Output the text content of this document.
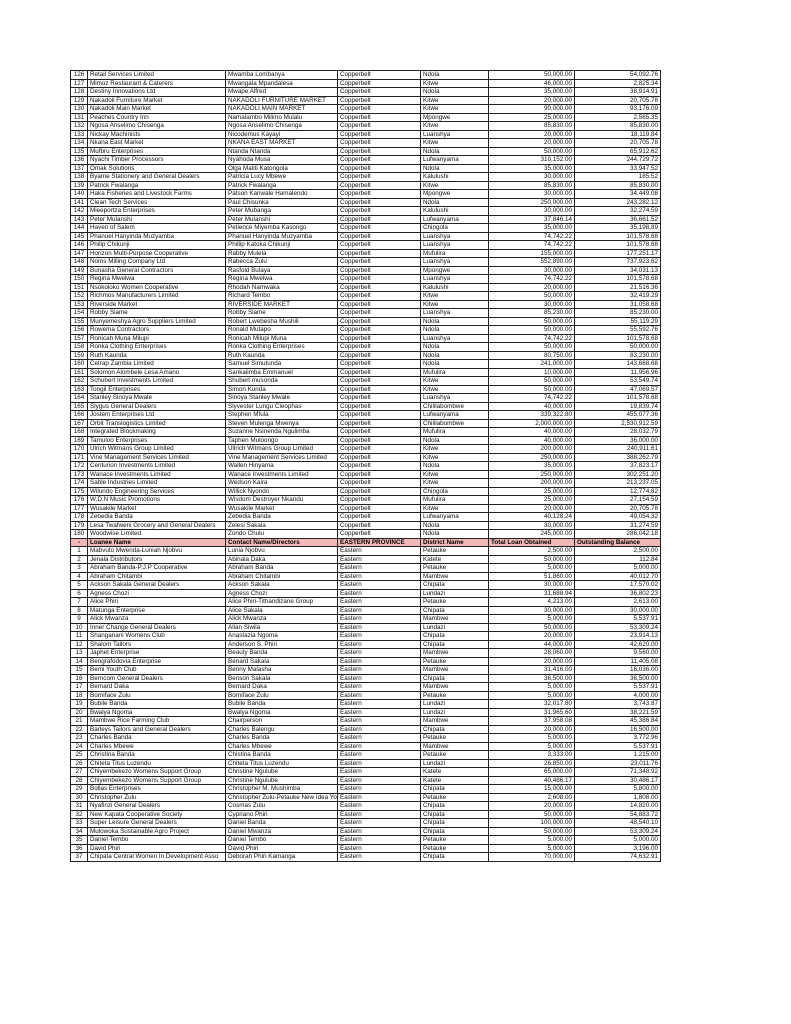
126	Retail Services Limited	Mwamba Lombanya	Copperbelt	Ndola	50,000.00	54,092.76
127	Mimoz Restaurant & Caterers	Mwangala Mpandalesa	Copperbelt	Kitwe	46,000.00	2,825.34
128	Destiny Innovations Ltd	Mwape Alfred	Copperbelt	Ndola	35,000.00	38,914.91
129	Nakadoli Furniture Market	NAKADOLI FURNITURE MARKET	Copperbelt	Kitwe	20,000.00	20,705.78
130	Nakadoli Main Market	NAKADOLI MAIN MARKET	Copperbelt	Kitwe	90,000.00	93,176.09
131	Peaches Country Inn	Namalambo Milimo Mulalu	Copperbelt	Mpongwe	25,000.00	2,565.35
132	Ngosa Anselimo Chisenga	Ngosa Anselimo Chisenga	Copperbelt	Kitwe	85,830.00	85,830.00
133	Nickay Machinists	Nicodemus Kayayi	Copperbelt	Luanshya	20,000.00	18,119.84
134	Nkana East Market	NKANA EAST MARKET	Copperbelt	Kitwe	20,000.00	20,705.78
135	Mufbru Enterprises	Ntanda Ntanda	Copperbelt	Ndola	50,000.00	65,912.62
136	Nyachi Timber Processors	Nyahoda Musa	Copperbelt	Lufwanyama	310,152.00	244,729.72
137	Omak Solutions	Olga Maliti Katongola	Copperbelt	Ndola	35,000.00	33,947.52
138	Byame Stationery and General Dealers	Patricia Lucy Mbewe	Copperbelt	Kalulushi	30,000.00	185.52
139	Patrick Fwalanga	Patrick Fwalanga	Copperbelt	Kitwe	85,830.00	85,830.00
140	Haka Fisheries and Livestock Farms	Patson Kanwale Hamalendo	Copperbelt	Mpongwe	30,000.00	34,449.08
141	Clean Tech Services	Paul Chisunka	Copperbelt	Ndola	250,000.00	243,282.12
142	Mieeportza Enterprises	Peter Mubanga	Copperbelt	Kalulushi	30,000.00	32,274.59
143	Peter Mulanshi	Peter Mulanshi	Copperbelt	Lufwanyama	37,846.14	36,661.52
144	Haven of Salem	Petience Miyemba Kasongo	Copperbelt	Chingola	35,000.00	35,198.89
145	Phanuel Hanyinda Muzyamba	Phanuel Hanyinda Muzyamba	Copperbelt	Luanshya	74,742.22	101,578.68
146	Philip Chikunji	Phillip Katoka Chikunji	Copperbelt	Luanshya	74,742.22	101,578.68
147	Horizon Multi-Purpose Cooperative	Rabby Mulela	Copperbelt	Mufulira	155,000.00	177,251.17
148	Noms Milling Company Ltd	Rabecca Zulu	Copperbelt	Luanshya	552,890.00	737,923.62
149	Bunasha General Contractors	Rasfold Bulaya	Copperbelt	Mpongwe	30,000.00	34,031.13
150	Regina Mwelwa	Regina Mwelwa	Copperbelt	Luanshya	74,742.22	101,578.68
151	Nsokoloko Women Cooperative	Rhodah Namwaka	Copperbelt	Kalulushi	20,000.00	21,516.36
152	Richmos Manufacturers Limited	Richard Tembo	Copperbelt	Kitwe	50,000.00	32,419.29
153	Riverside Market	RIVERSIDE MARKET	Copperbelt	Kitwe	30,000.00	31,058.68
154	Robby Siame	Robby Siame	Copperbelt	Luanshya	85,230.00	85,230.00
155	Munyemeshya Agro Suppliers Limited	Robert Lwebesha Mushili	Copperbelt	Ndola	50,000.00	55,119.29
156	Rowema Contractors	Ronald Mutapo	Copperbelt	Ndola	50,000.00	55,592.76
157	Ronicah Muna Milupi	Ronicah Milupi Muna	Copperbelt	Luanshya	74,742.22	101,578.68
158	Ronka Clothing Enterprises	Ronka Clothing Enterprises	Copperbelt	Ndola	50,000.00	50,000.00
159	Ruth Kaunda	Ruth Kaunda	Copperbelt	Ndola	80,750.00	83,230.00
160	Cetrap Zambia Limited	Samuel Simutunda	Copperbelt	Ndola	241,000.00	143,668.68
161	Solomon Alombele Lesa Amano	Sankalimba Emmanuel	Copperbelt	Mufulira	10,000.00	11,956.96
162	Schubert Investments Limited	Shubert musonda	Copperbelt	Kitwe	50,000.00	53,549.74
163	Tongil Enterprises	Simon Kunda	Copperbelt	Kitwe	50,000.00	47,069.57
164	Stanley Sinoya Mwale	Sinoya Stanley Mwale	Copperbelt	Luanshya	74,742.22	101,578.68
165	Slygus General Dealers	Slyvester Lungu Cleophas	Copperbelt	Chililabombwe	40,000.00	19,839.74
166	Jostem Enterprises Ltd	Stephen Mfula	Copperbelt	Lufwanyama	339,322.80	455,077.36
167	Orbit Translogistics Limited	Steven Mulenga Mwenya	Copperbelt	Chililabombwe	2,000,000.00	2,530,912.59
168	Integrated Blockmaking	Suzanne Nsinenda Ngulimba	Copperbelt	Mufulira	40,000.00	28,032.79
169	Tamuloo Enterprises	Taphen Muloongo	Copperbelt	Ndola	40,000.00	36,000.00
170	Ulrich Witmans Group Limited	Ullrich Witmans Group Limited	Copperbelt	Kitwe	200,000.00	240,911.61
171	Vine Management Services Limited	Vine Management Services Limited	Copperbelt	Kitwe	250,000.00	388,262.79
172	Centurion Investments Limited	Wallen Hinyama	Copperbelt	Ndola	35,000.00	37,823.17
173	Wanace Investments Limited	Wanace Investments Limited	Copperbelt	Kitwe	250,000.00	302,251.20
174	Sable Industries Limited	Wedson Kaira	Copperbelt	Kitwe	200,000.00	213,237.05
175	Wilundo Engineering Services	Willick Nyondo	Copperbelt	Chingola	25,000.00	12,774.82
176	W.D.N Music Promotions	Wisdom Destroyer Nkandu	Copperbelt	Mufulira	25,000.00	27,154.59
177	Wusakile Market	Wusakile Market	Copperbelt	Kitwe	20,000.00	20,705.78
178	Zebedia Banda	Zebedia Banda	Copperbelt	Lufwanyama	40,128.24	49,054.32
179	Lesa Twafweni Grocery and General Dealers	Zelesi Sakala	Copperbelt	Ndola	30,000.00	31,274.59
180	Woodwise Limited	Zondo Chulu	Copperbelt	Ndola	245,000.00	286,042.18
-	Loanee Name	Contact Name/Directors	EASTERN PROVINCE	District Name	Total Loan Obtained	Outstanding Balance
1	Mabvuto Mwenda-Luniah Njobvu	Lunia Njobvu	Eastern	Petauke	2,500.00	2,500.00
2	Jenala Distributors	Abinala Daka	Eastern	Katete	50,000.00	112.84
3	Abraham Banda-P.J.P Cooperative	Abraham Banda	Eastern	Petauke	5,000.00	5,000.00
4	Abraham Chitambi	Abraham Chitambi	Eastern	Mambwe	51,860.00	40,012.70
5	Ackson Sakala General Dealers	Ackson Sakala	Eastern	Chipata	30,000.00	17,570.02
6	Agness Chozi	Agness Chozi	Eastern	Lundazi	31,688.94	36,802.23
7	Alice Phiri	Alice Phiri-Tithandizane Group	Eastern	Petauke	4,213.00	2,613.00
8	Matunga Enterprise	Alice Sakala	Eastern	Chipata	30,000.00	30,000.00
9	Alick Mwanza	Alick Mwanza	Eastern	Mambwe	5,000.00	5,537.91
10	Inner Change General Dealers	Allan Siwila	Eastern	Lundazi	50,000.00	53,309.24
11	Shanganani Womens Club	Anastazia Ngoma	Eastern	Chipata	20,000.00	23,914.13
12	Shalom Tailors	Anderson S. Phiri	Eastern	Chipata	44,000.00	42,620.00
13	Japhet Enterprise	Beauty Banda	Eastern	Mambwe	28,060.00	9,560.00
14	Bengrafodovia Enterprise	Benard Sakala	Eastern	Petauke	20,000.00	11,405.08
15	Bemi Youth Club	Benny Malasha	Eastern	Mambwe	31,416.00	16,036.00
16	Berncom General Dealers	Benson Sakala	Eastern	Chipata	36,500.00	36,500.00
17	Bernard Daka	Bernard Daka	Eastern	Mambwe	5,000.00	5,537.91
18	Borniface Zulu	Borniface Zulu	Eastern	Petauke	5,000.00	4,000.00
19	Bubile Banda	Bubile Banda	Eastern	Lundazi	32,017.80	3,743.87
20	Bwalya Ngoma	Bwalya Ngoma	Eastern	Lundazi	31,965.60	38,221.59
21	Mambwe Rice Farming Club	Chairperson	Eastern	Mambwe	37,958.08	45,386.84
22	Barleys Tailors and General Dealers	Charles Balengu	Eastern	Chipata	20,000.00	16,500.00
23	Charles Banda	Charles Banda	Eastern	Petauke	5,000.00	3,772.96
24	Charles Mbewe	Charles Mbewe	Eastern	Mambwe	5,000.00	5,537.91
25	Christina Banda	Chistina Banda	Eastern	Petauke	3,333.00	1,215.00
26	Chiteta Titus Luzendu	Chiteta Titus Luzendu	Eastern	Lundazi	26,850.00	23,011.76
27	Chiyembekezo Womens Support Group	Christine Ngulube	Eastern	Katete	65,000.00	71,348.92
28	Chiyembekezo Womens Support Group	Christine Ngulube	Eastern	Katete	40,486.17	30,486.17
29	Bollas Enterprises	Christopher M. Mushimba	Eastern	Chipata	15,000.00	5,800.00
30	Christopher Zulu	Christopher Zulu-Petauke New Idea Yo	Eastern	Petauke	2,608.00	1,808.00
31	Nyafinzi General Dealers	Cosmas Zulu	Eastern	Chipata	20,000.00	14,820.00
32	New Kapata Cooperative Society	Cypriano Phiri	Eastern	Chipata	50,000.00	54,883.72
33	Super Leisure General Dealers	Daniel Banda	Eastern	Chipata	100,000.00	48,540.10
34	Mulowoka Sustainable Agro Project	Daniel Mwanza	Eastern	Chipata	50,000.00	53,309.24
35	Daniel Tembo	Daniel Tembo	Eastern	Petauke	5,000.00	5,000.00
36	David Phiri	David Phiri	Eastern	Petauke	5,000.00	3,196.00
37	Chipata Central Women In Development Asso	Deborah Phiri Kamanga	Eastern	Chipata	70,000.00	74,632.91
